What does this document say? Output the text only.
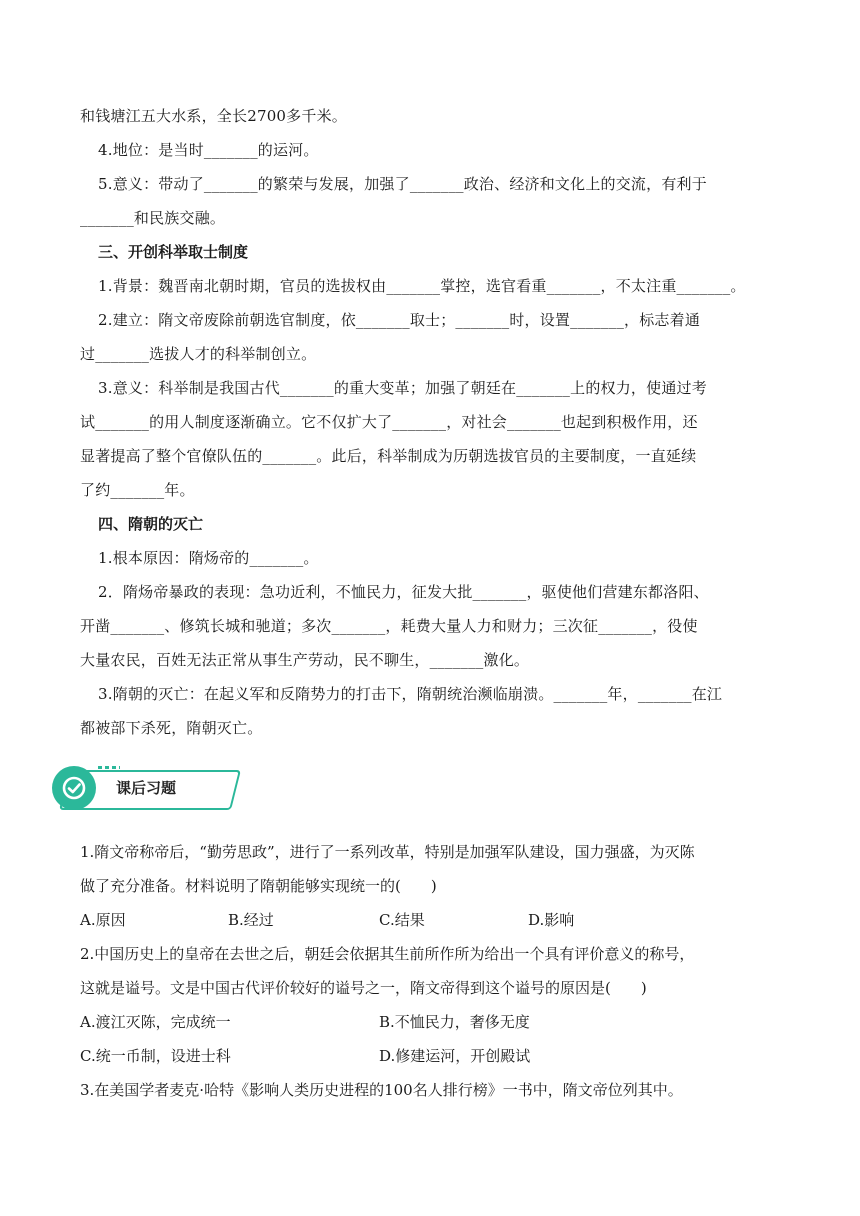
和钱塘江五大水系，全长2700多千米。
4.地位：是当时_______的运河。
5.意义：带动了_______的繁荣与发展，加强了_______政治、经济和文化上的交流，有利于
_______和民族交融。
三、开创科举取士制度
1.背景：魏晋南北朝时期，官员的选拔权由_______掌控，选官看重_______，不太注重_______。
2.建立：隋文帝废除前朝选官制度，依_______取士；_______时，设置_______，标志着通
过_______选拔人才的科举制创立。
3.意义：科举制是我国古代_______的重大变革；加强了朝廷在_______上的权力，使通过考
试_______的用人制度逐渐确立。它不仅扩大了_______，对社会_______也起到积极作用，还
显著提高了整个官僚队伍的_______。此后，科举制成为历朝选拔官员的主要制度，一直延续
了约_______年。
四、隋朝的灭亡
1.根本原因：隋炀帝的_______。
2．隋炀帝暴政的表现：急功近利，不恤民力，征发大批_______，驱使他们营建东都洛阳、
开凿_______、修筑长城和驰道；多次_______，耗费大量人力和财力；三次征_______，役使
大量农民，百姓无法正常从事生产劳动，民不聊生，_______激化。
3.隋朝的灭亡：在起义军和反隋势力的打击下，隋朝统治濒临崩溃。_______年，_______在江
都被部下杀死，隋朝灭亡。
课后习题
1.隋文帝称帝后，“勤劳思政”，进行了一系列改革，特别是加强军队建设，国力强盛，为灭陈
做了充分准备。材料说明了隋朝能够实现统一的(　　)
A.原因	B.经过	C.结果	D.影响
2.中国历史上的皇帝在去世之后，朝廷会依据其生前所作所为给出一个具有评价意义的称号，
这就是谥号。文是中国古代评价较好的谥号之一，隋文帝得到这个谥号的原因是(　　)
A.渡江灭陈，完成统一	B.不恤民力，奢侈无度
C.统一币制，设进士科	D.修建运河，开创殿试
3.在美国学者麦克·哈特《影响人类历史进程的100名人排行榜》一书中，隋文帝位列其中。
